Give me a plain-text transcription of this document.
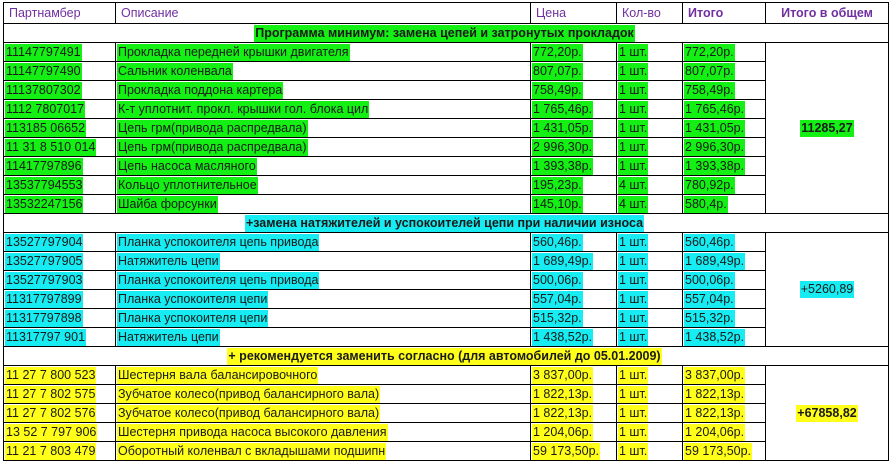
Партнамбер	Описание	Цена	Кол-во	Итого	Итого в общем
Программа минимум: замена цепей и затронутых прокладок					
11147797491	Прокладка передней крышки двигателя	772,20р.	1 шт.	772,20р.	11285,27
11147797490	Сальник коленвала	807,07р.	1 шт.	807,07р.	
11137807302	Прокладка поддона картера	758,49р.	1 шт.	758,49р.	
1112 7807017	К-т уплотнит. прокл. крышки гол. блока цил	1 765,46р.	1 шт.	1 765,46р.	
113185 06652	Цепь грм(привода распредвала)	1 431,05р.	1 шт.	1 431,05р.	
11 31 8 510 014	Цепь грм(привода распредвала)	2 996,30р.	1 шт.	2 996,30р.	
11417797896	Цепь насоса масляного	1 393,38р.	1 шт.	1 393,38р.	
13537794553	Кольцо уплотнительное	195,23р.	4 шт.	780,92р.	
13532247156	Шайба форсунки	145,10р.	4 шт.	580,4р.	
+замена натяжителей и успокоителей цепи при наличии износа					
13527797904	Планка успокоителя цепь привода	560,46р.	1 шт.	560,46р.	+5260,89
13527797905	Натяжитель цепи	1 689,49р.	1 шт.	1 689,49р.	
13527797903	Планка успокоителя цепь привода	500,06р.	1 шт.	500,06р.	
11317797899	Планка успокоителя цепи	557,04р.	1 шт.	557,04р.	
11317797898	Планка успокоителя цепи	515,32р.	1 шт.	515,32р.	
11317797 901	Натяжитель цепи	1 438,52р.	1 шт.	1 438,52р.	
+ рекомендуется заменить согласно (для автомобилей до 05.01.2009)					
11 27 7 800 523	Шестерня вала балансировочного	3 837,00р.	1 шт.	3 837,00р.	+67858,82
11 27 7 802 575	Зубчатое колесо(привод балансирного вала)	1 822,13р.	1 шт.	1 822,13р.	
11 27 7 802 576	Зубчатое колесо(привод балансирного вала)	1 822,13р.	1 шт.	1 822,13р.	
13 52 7 797 906	Шестерня привода насоса высокого давления	1 204,06р.	1 шт.	1 204,06р.	
11 21 7 803 479	Оборотный коленвал с вкладышами подшипн	59 173,50р.	1 шт.	59 173,50р.	
